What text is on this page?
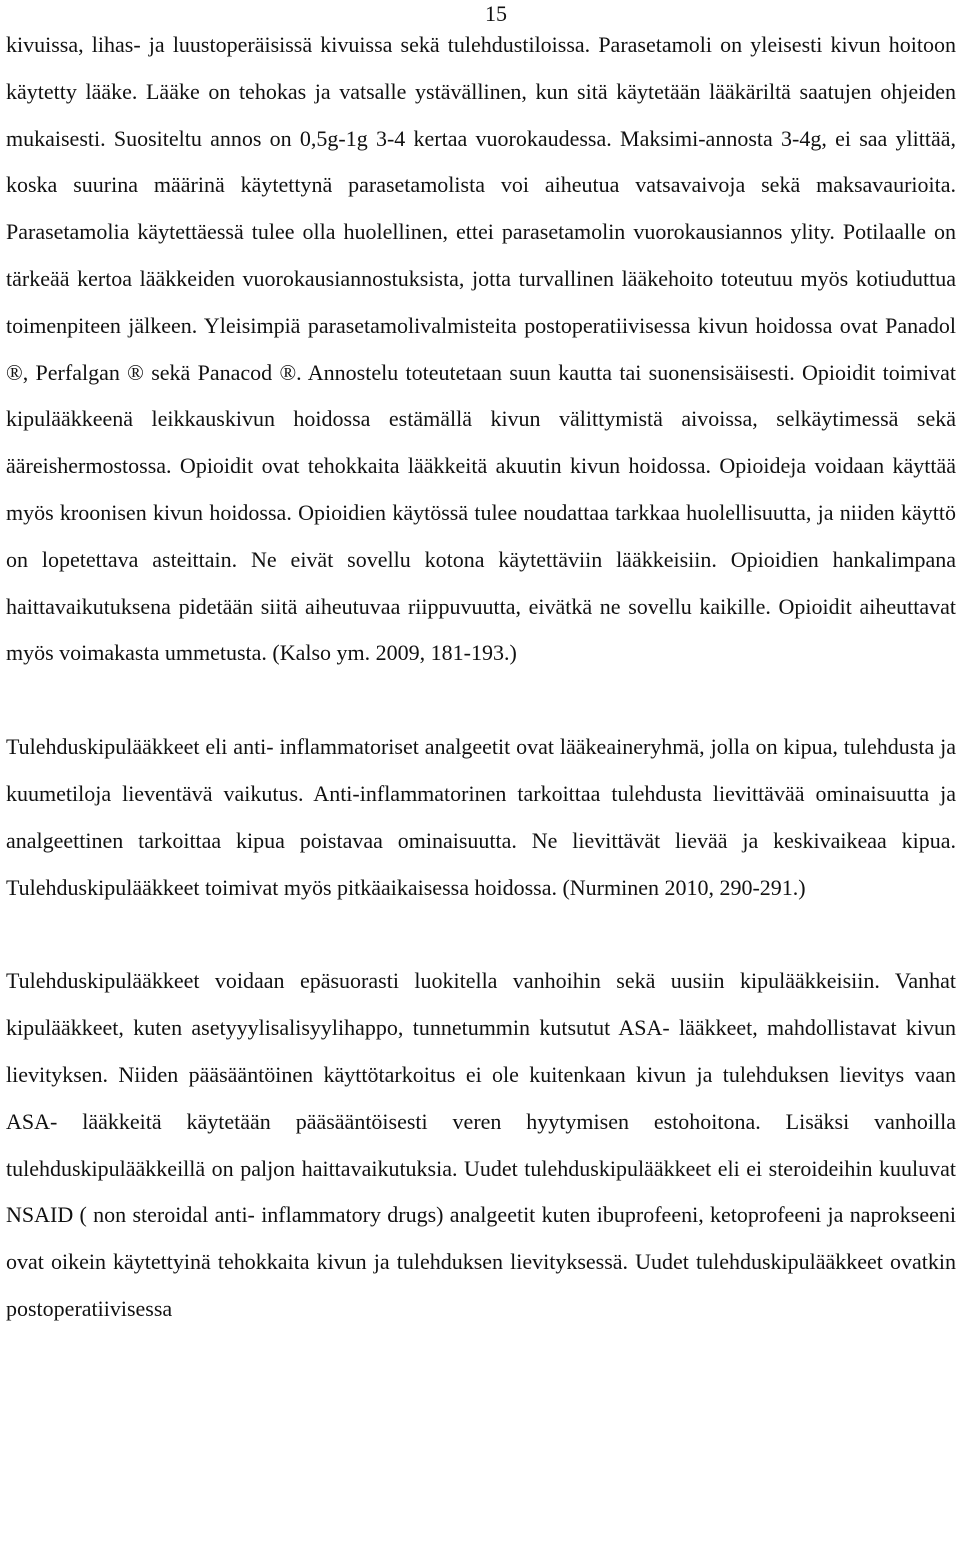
15

kivuissa, lihas- ja luustoperäisissä kivuissa sekä tulehdustiloissa. Parasetamoli on yleisesti kivun hoitoon käytetty lääke. Lääke on tehokas ja vatsalle ystävällinen, kun sitä käytetään lääkäriltä saatujen ohjeiden mukaisesti. Suositeltu annos on 0,5g-1g 3-4 kertaa vuorokaudessa. Maksimi-annosta 3-4g, ei saa ylittää, koska suurina määrinä käytettynä parasetamolista voi aiheutua vatsavaivoja sekä maksavaurioita. Parasetamolia käytettäessä tulee olla huolellinen, ettei parasetamolin vuorokausiannos ylity. Potilaalle on tärkeää kertoa lääkkeiden vuorokausiannostuksista, jotta turvallinen lääkehoito toteutuu myös kotiuduttua toimenpiteen jälkeen. Yleisimpiä parasetamolivalmisteita postoperatiivisessa kivun hoidossa ovat Panadol ®, Perfalgan ® sekä Panacod ®. Annostelu toteutetaan suun kautta tai suonensisäisesti. Opioidit toimivat kipulääkkeenä leikkauskivun hoidossa estämällä kivun välittymistä aivoissa, selkäytimessä sekä ääreishermostossa. Opioidit ovat tehokkaita lääkkeitä akuutin kivun hoidossa. Opioideja voidaan käyttää myös kroonisen kivun hoidossa. Opioidien käytössä tulee noudattaa tarkkaa huolellisuutta, ja niiden käyttö on lopetettava asteittain. Ne eivät sovellu kotona käytettäviin lääkkeisiin. Opioidien hankalimpana haittavaikutuksena pidetään siitä aiheutuvaa riippuvuutta, eivätkä ne sovellu kaikille. Opioidit aiheuttavat myös voimakasta ummetusta. (Kalso ym. 2009, 181-193.)

Tulehduskipulääkkeet eli anti- inflammatoriset analgeetit ovat lääkeaineryhmä, jolla on kipua, tulehdusta ja kuumetiloja lieventävä vaikutus. Anti-inflammatorinen tarkoittaa tulehdusta lievittävää ominaisuutta ja analgeettinen tarkoittaa kipua poistavaa ominaisuutta. Ne lievittävät lievää ja keskivaikeaa kipua. Tulehduskipulääkkeet toimivat myös pitkäaikaisessa hoidossa. (Nurminen 2010, 290-291.)

Tulehduskipulääkkeet voidaan epäsuorasti luokitella vanhoihin sekä uusiin kipulääkkeisiin. Vanhat kipulääkkeet, kuten asetyyylisalisyylihappo, tunnetummin kutsutut ASA- lääkkeet, mahdollistavat kivun lievityksen. Niiden pääsääntöinen käyttötarkoitus ei ole kuitenkaan kivun ja tulehduksen lievitys vaan ASA- lääkkeitä käytetään pääsääntöisesti veren hyytymisen estohoitona. Lisäksi vanhoilla tulehduskipulääkkeillä on paljon haittavaikutuksia. Uudet tulehduskipulääkkeet eli ei steroideihin kuuluvat NSAID ( non steroidal anti- inflammatory drugs) analgeetit kuten ibuprofeeni, ketoprofeeni ja naprokseeni ovat oikein käytettyinä tehokkaita kivun ja tulehduksen lievityksessä. Uudet tulehduskipulääkkeet ovatkin postoperatiivisessa
